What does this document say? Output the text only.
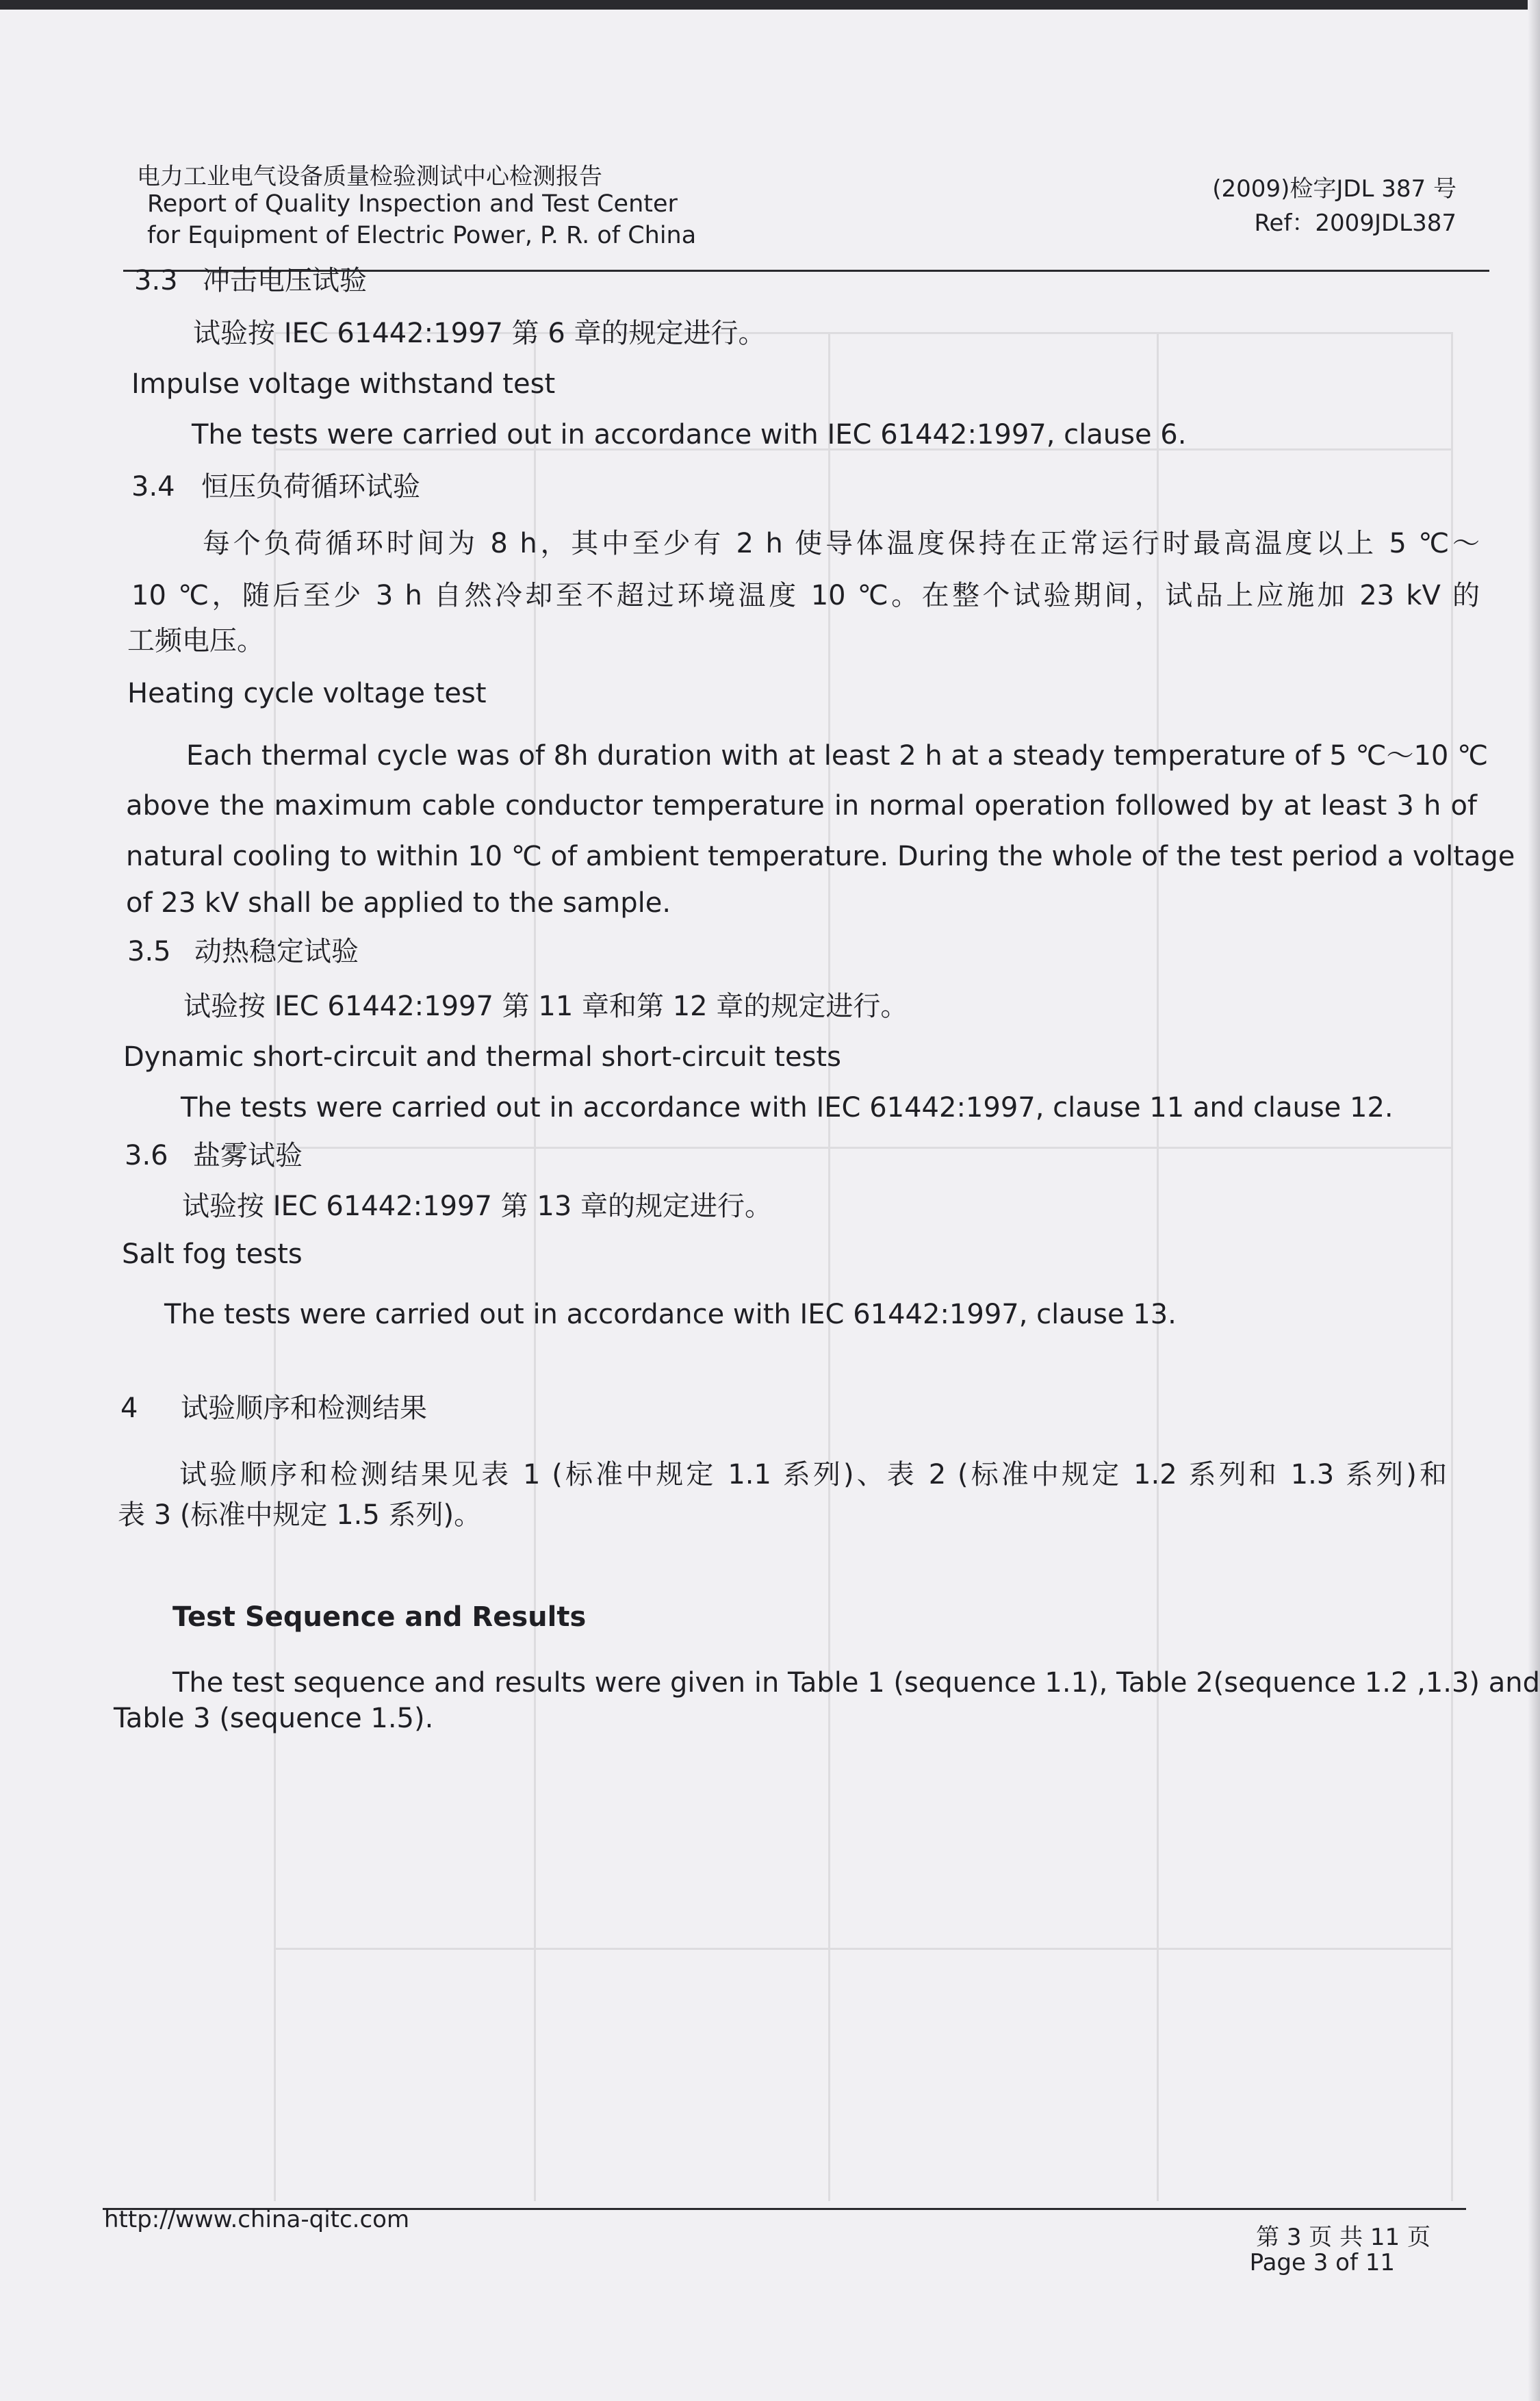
电力工业电气设备质量检验测试中心检测报告
Report of Quality Inspection and Test Center
for Equipment of Electric Power, P. R. of China
(2009)检字JDL 387 号
Ref：2009JDL387
3.3 冲击电压试验
试验按 IEC 61442:1997 第 6 章的规定进行。
Impulse voltage withstand test
The tests were carried out in accordance with IEC 61442:1997, clause 6.
3.4 恒压负荷循环试验
每个负荷循环时间为 8 h，其中至少有 2 h 使导体温度保持在正常运行时最高温度以上 5 ℃～
10 ℃，随后至少 3 h 自然冷却至不超过环境温度 10 ℃。在整个试验期间，试品上应施加 23 kV 的
工频电压。
Heating cycle voltage test
Each thermal cycle was of 8h duration with at least 2 h at a steady temperature of 5 ℃～10 ℃
above the maximum cable conductor temperature in normal operation followed by at least 3 h of
natural cooling to within 10 ℃ of ambient temperature. During the whole of the test period a voltage
of 23 kV shall be applied to the sample.
3.5 动热稳定试验
试验按 IEC 61442:1997 第 11 章和第 12 章的规定进行。
Dynamic short-circuit and thermal short-circuit tests
The tests were carried out in accordance with IEC 61442:1997, clause 11 and clause 12.
3.6 盐雾试验
试验按 IEC 61442:1997 第 13 章的规定进行。
Salt fog tests
The tests were carried out in accordance with IEC 61442:1997, clause 13.
4 试验顺序和检测结果
试验顺序和检测结果见表 1 (标准中规定 1.1 系列)、表 2 (标准中规定 1.2 系列和 1.3 系列)和
表 3 (标准中规定 1.5 系列)。
Test Sequence and Results
The test sequence and results were given in Table 1 (sequence 1.1), Table 2(sequence 1.2 ,1.3) and
Table 3 (sequence 1.5).
http://www.china-qitc.com
第 3 页 共 11 页
Page 3 of 11
